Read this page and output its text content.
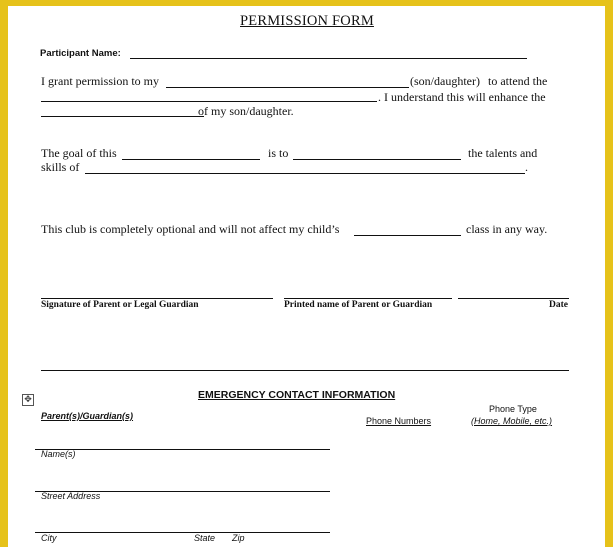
PERMISSION FORM
Participant Name:
I grant permission to my	(son/daughter) to attend the
. I understand this will enhance the
of my son/daughter.
The goal of this	is to	the talents and
skills of	.
This club is completely optional and will not affect my child’s	class in any way.
Signature of Parent or Legal Guardian	Printed name of Parent or Guardian	Date
✥	EMERGENCY CONTACT INFORMATION
Parent(s)/Guardian(s)	Phone Numbers
Phone Type
(Home, Mobile, etc.)
Name(s)
Street Address
City	State Zip
